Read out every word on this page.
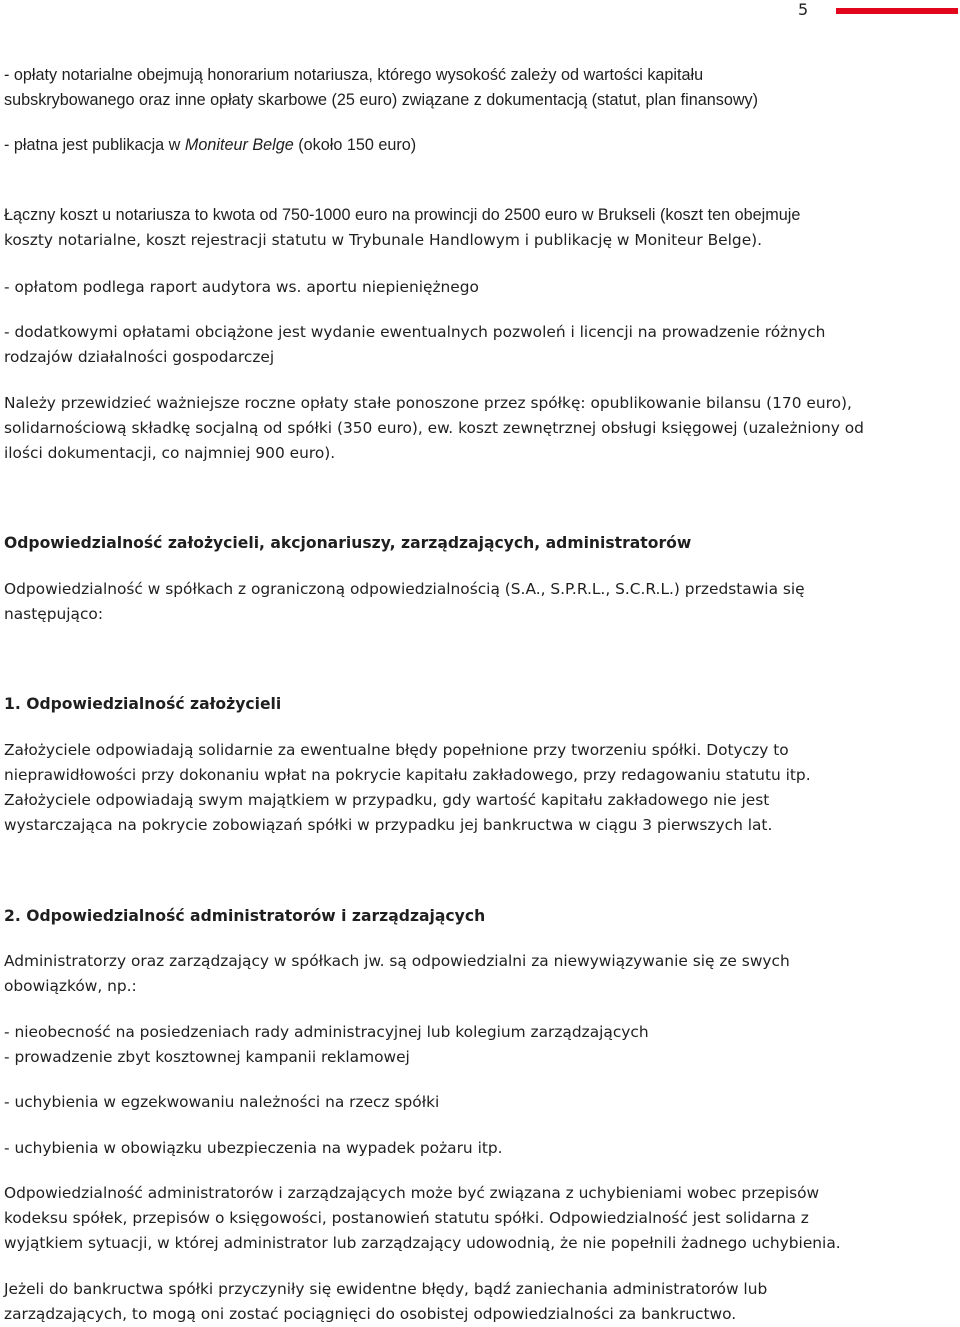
5
- opłaty notarialne obejmują honorarium notariusza, którego wysokość zależy od wartości kapitału
subskrybowanego oraz inne opłaty skarbowe (25 euro) związane z dokumentacją (statut, plan finansowy)
- płatna jest publikacja w Moniteur Belge (około 150 euro)
Łączny koszt u notariusza to kwota od 750-1000 euro na prowincji do 2500 euro w Brukseli (koszt ten obejmuje
koszty notarialne, koszt rejestracji statutu w Trybunale Handlowym i publikację w Moniteur Belge).
- opłatom podlega raport audytora ws. aportu niepieniężnego
- dodatkowymi opłatami obciążone jest wydanie ewentualnych pozwoleń i licencji na prowadzenie różnych
rodzajów działalności gospodarczej
Należy przewidzieć ważniejsze roczne opłaty stałe ponoszone przez spółkę: opublikowanie bilansu (170 euro),
solidarnościową składkę socjalną od spółki (350 euro), ew. koszt zewnętrznej obsługi księgowej (uzależniony od
ilości dokumentacji, co najmniej 900 euro).
Odpowiedzialność założycieli, akcjonariuszy, zarządzających, administratorów
Odpowiedzialność w spółkach z ograniczoną odpowiedzialnością (S.A., S.P.R.L., S.C.R.L.) przedstawia się
następująco:
1. Odpowiedzialność założycieli
Założyciele odpowiadają solidarnie za ewentualne błędy popełnione przy tworzeniu spółki. Dotyczy to
nieprawidłowości przy dokonaniu wpłat na pokrycie kapitału zakładowego, przy redagowaniu statutu itp.
Założyciele odpowiadają swym majątkiem w przypadku, gdy wartość kapitału zakładowego nie jest
wystarczająca na pokrycie zobowiązań spółki w przypadku jej bankructwa w ciągu 3 pierwszych lat.
2. Odpowiedzialność administratorów i zarządzających
Administratorzy oraz zarządzający w spółkach jw. są odpowiedzialni za niewywiązywanie się ze swych
obowiązków, np.:
- nieobecność na posiedzeniach rady administracyjnej lub kolegium zarządzających
- prowadzenie zbyt kosztownej kampanii reklamowej
- uchybienia w egzekwowaniu należności na rzecz spółki
- uchybienia w obowiązku ubezpieczenia na wypadek pożaru itp.
Odpowiedzialność administratorów i zarządzających może być związana z uchybieniami wobec przepisów
kodeksu spółek, przepisów o księgowości, postanowień statutu spółki. Odpowiedzialność jest solidarna z
wyjątkiem sytuacji, w której administrator lub zarządzający udowodnią, że nie popełnili żadnego uchybienia.
Jeżeli do bankructwa spółki przyczyniły się ewidentne błędy, bądź zaniechania administratorów lub
zarządzających, to mogą oni zostać pociągnięci do osobistej odpowiedzialności za bankructwo.
